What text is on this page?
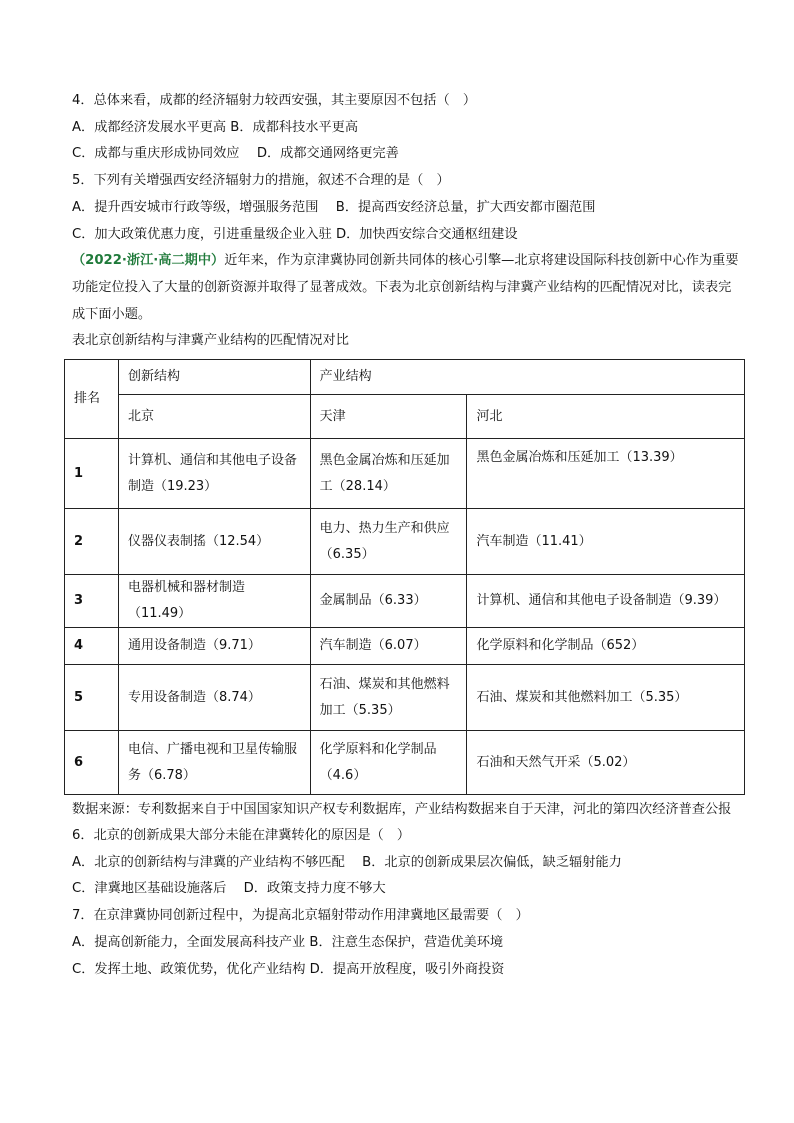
4．总体来看，成都的经济辐射力较西安强，其主要原因不包括（　）
A．成都经济发展水平更高 B．成都科技水平更高
C．成都与重庆形成协同效应　 D．成都交通网络更完善
5．下列有关增强西安经济辐射力的措施，叙述不合理的是（　）
A．提升西安城市行政等级，增强服务范围　 B．提高西安经济总量，扩大西安都市圈范围
C．加大政策优惠力度，引进重量级企业入驻 D．加快西安综合交通枢纽建设
（2022·浙江·高二期中）近年来，作为京津冀协同创新共同体的核心引擎—北京将建设国际科技创新中心作为重要功能定位投入了大量的创新资源并取得了显著成效。下表为北京创新结构与津冀产业结构的匹配情况对比，读表完成下面小题。
表北京创新结构与津冀产业结构的匹配情况对比
排名	创新结构	产业结构	
	北京	天津	河北
1	计算机、通信和其他电子设备制造（19.23）	黑色金属冶炼和压延加工（28.14）	黑色金属冶炼和压延加工（13.39）
2	仪器仪表制搖（12.54）	电力、热力生产和供应（6.35）	汽车制造（11.41）
3	电器机械和器材制造（11.49）	金属制品（6.33）	计算机、通信和其他电子设备制造（9.39）
4	通用设备制造（9.71）	汽车制造（6.07）	化学原料和化学制品（652）
5	专用设备制造（8.74）	石油、煤炭和其他燃料加工（5.35）	石油、煤炭和其他燃料加工（5.35）
6	电信、广播电视和卫星传输服务（6.78）	化学原料和化学制品（4.6）	石油和天然气开采（5.02）
数据来源：专利数据来自于中国国家知识产权专利数据库，产业结构数据来自于天津，河北的第四次经济普查公报
6．北京的创新成果大部分未能在津冀转化的原因是（　）
A．北京的创新结构与津冀的产业结构不够匹配　 B．北京的创新成果层次偏低，缺乏辐射能力
C．津冀地区基础设施落后　 D．政策支持力度不够大
7．在京津冀协同创新过程中，为提高北京辐射带动作用津冀地区最需要（　）
A．提高创新能力，全面发展高科技产业 B．注意生态保护，营造优美环境
C．发挥土地、政策优势，优化产业结构 D．提高开放程度，吸引外商投资
